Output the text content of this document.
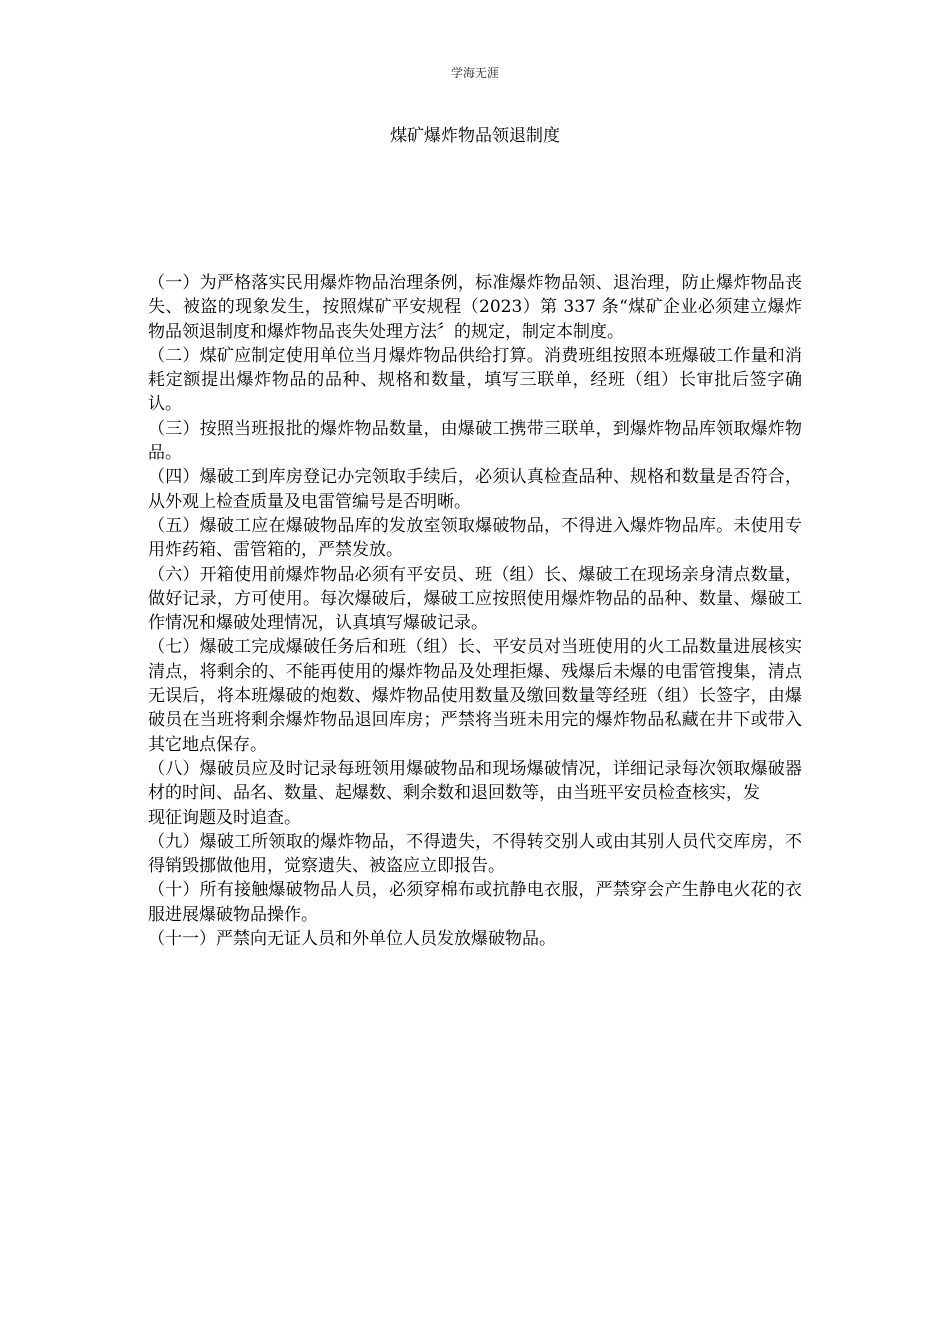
学海无涯
煤矿爆炸物品领退制度

（一）为严格落实民用爆炸物品治理条例，标准爆炸物品领、退治理，防止爆炸物品丧失、被盗的现象发生，按照煤矿平安规程（2023）第 337 条“煤矿企业必须建立爆炸物品领退制度和爆炸物品丧失处理方法〞的规定，制定本制度。

（二）煤矿应制定使用单位当月爆炸物品供给打算。消费班组按照本班爆破工作量和消耗定额提出爆炸物品的品种、规格和数量，填写三联单，经班（组）长审批后签字确认。

（三）按照当班报批的爆炸物品数量，由爆破工携带三联单，到爆炸物品库领取爆炸物品。

（四）爆破工到库房登记办完领取手续后，必须认真检查品种、规格和数量是否符合，从外观上检查质量及电雷管编号是否明晰。

（五）爆破工应在爆破物品库的发放室领取爆破物品，不得进入爆炸物品库。未使用专用炸药箱、雷管箱的，严禁发放。

（六）开箱使用前爆炸物品必须有平安员、班（组）长、爆破工在现场亲身清点数量，做好记录，方可使用。每次爆破后，爆破工应按照使用爆炸物品的品种、数量、爆破工作情况和爆破处理情况，认真填写爆破记录。

（七）爆破工完成爆破任务后和班（组）长、平安员对当班使用的火工品数量进展核实清点，将剩余的、不能再使用的爆炸物品及处理拒爆、残爆后未爆的电雷管搜集，清点无误后，将本班爆破的炮数、爆炸物品使用数量及缴回数量等经班（组）长签字，由爆破员在当班将剩余爆炸物品退回库房；严禁将当班未用完的爆炸物品私藏在井下或带入其它地点保存。

（八）爆破员应及时记录每班领用爆破物品和现场爆破情况，详细记录每次领取爆破器材的时间、品名、数量、起爆数、剩余数和退回数等，由当班平安员检查核实，发

现征询题及时追查。

（九）爆破工所领取的爆炸物品，不得遗失，不得转交别人或由其别人员代交库房，不得销毁挪做他用，觉察遗失、被盗应立即报告。

（十）所有接触爆破物品人员，必须穿棉布或抗静电衣服，严禁穿会产生静电火花的衣服进展爆破物品操作。

（十一）严禁向无证人员和外单位人员发放爆破物品。
